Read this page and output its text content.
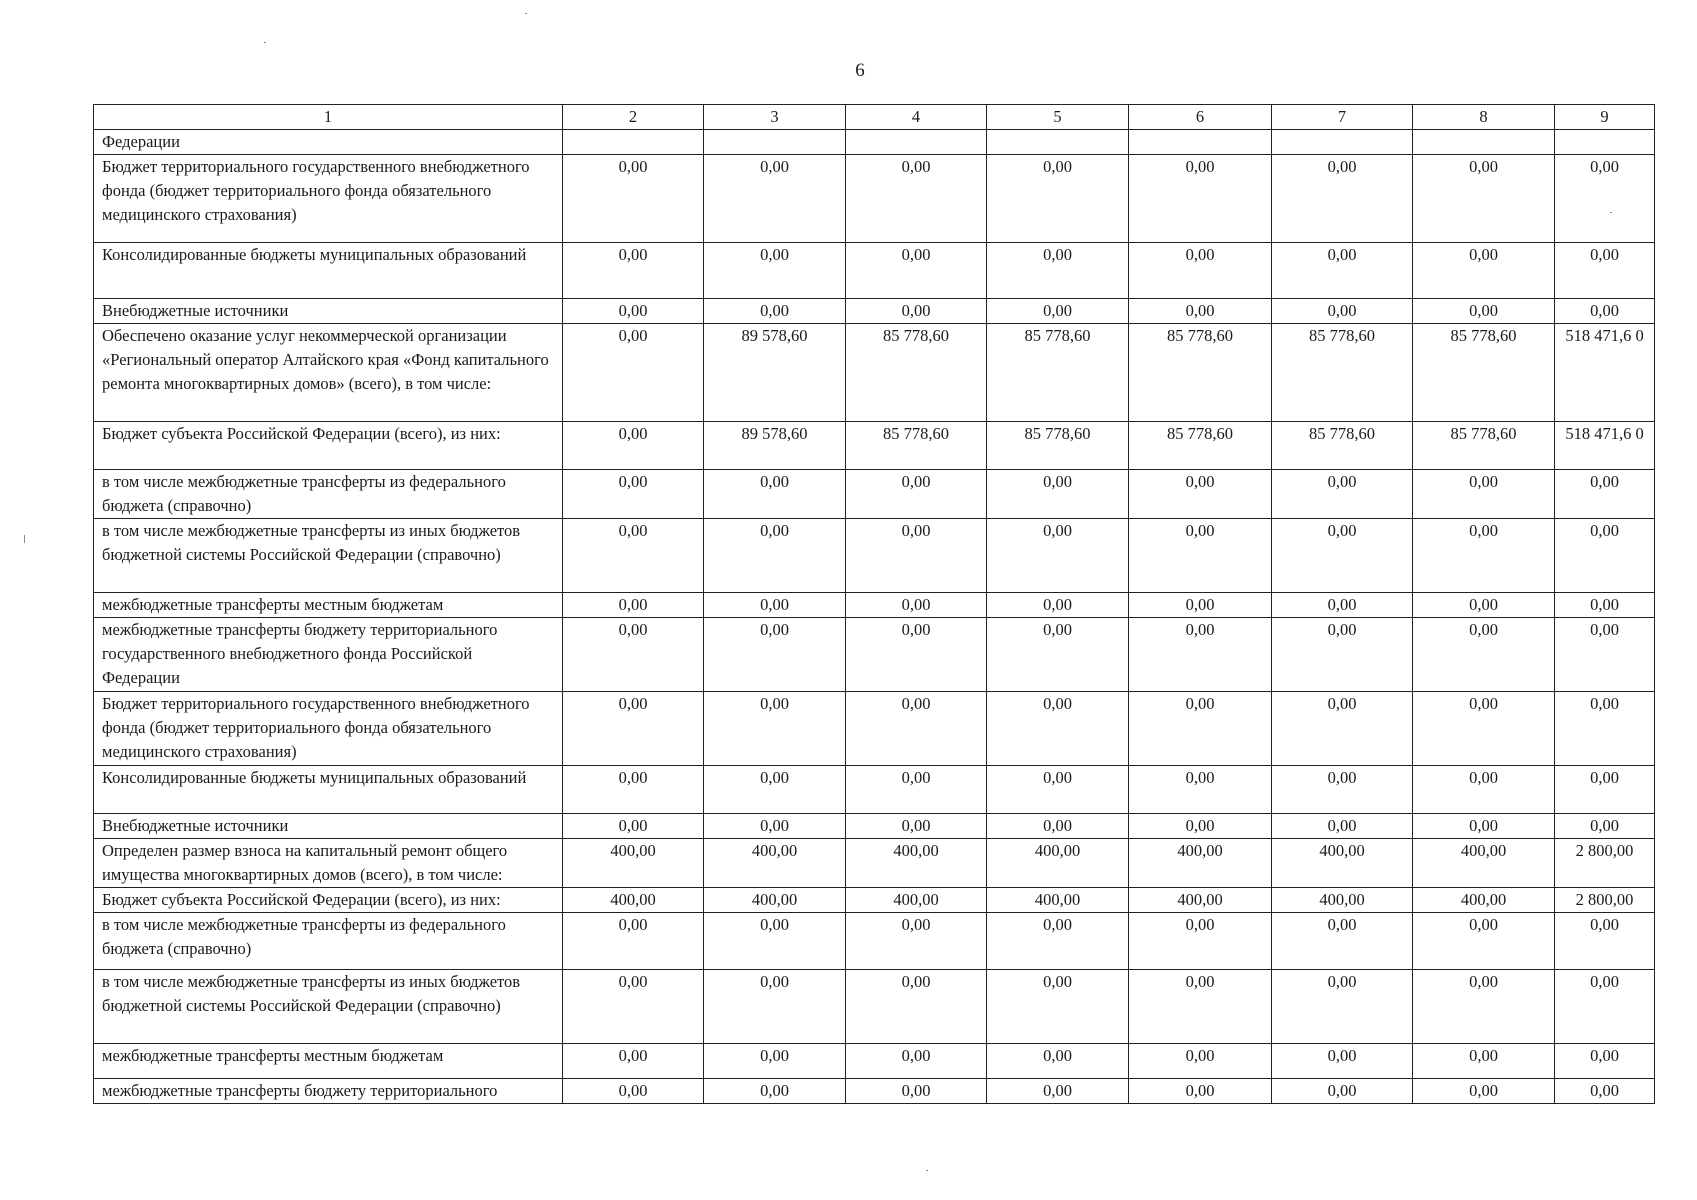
6
1	2	3	4	5	6	7	8	9
Федерации								
Бюджет территориального государственного внебюджетного фонда (бюджет территориального фонда обязательного медицинского страхования)	0,00	0,00	0,00	0,00	0,00	0,00	0,00	0,00
Консолидированные бюджеты муниципальных образований	0,00	0,00	0,00	0,00	0,00	0,00	0,00	0,00
Внебюджетные источники	0,00	0,00	0,00	0,00	0,00	0,00	0,00	0,00
Обеспечено оказание услуг некоммерческой организации «Региональный оператор Алтайского края «Фонд капитального ремонта многоквартирных домов» (всего), в том числе:	0,00	89 578,60	85 778,60	85 778,60	85 778,60	85 778,60	85 778,60	518 471,6 0
Бюджет субъекта Российской Федерации (всего), из них:	0,00	89 578,60	85 778,60	85 778,60	85 778,60	85 778,60	85 778,60	518 471,6 0
в том числе межбюджетные трансферты из федерального бюджета (справочно)	0,00	0,00	0,00	0,00	0,00	0,00	0,00	0,00
в том числе межбюджетные трансферты из иных бюджетов бюджетной системы Российской Федерации (справочно)	0,00	0,00	0,00	0,00	0,00	0,00	0,00	0,00
межбюджетные трансферты местным бюджетам	0,00	0,00	0,00	0,00	0,00	0,00	0,00	0,00
межбюджетные трансферты бюджету территориального государственного внебюджетного фонда Российской Федерации	0,00	0,00	0,00	0,00	0,00	0,00	0,00	0,00
Бюджет территориального государственного внебюджетного фонда (бюджет территориального фонда обязательного медицинского страхования)	0,00	0,00	0,00	0,00	0,00	0,00	0,00	0,00
Консолидированные бюджеты муниципальных образований	0,00	0,00	0,00	0,00	0,00	0,00	0,00	0,00
Внебюджетные источники	0,00	0,00	0,00	0,00	0,00	0,00	0,00	0,00
Определен размер взноса на капитальный ремонт общего имущества многоквартирных домов (всего), в том числе:	400,00	400,00	400,00	400,00	400,00	400,00	400,00	2 800,00
Бюджет субъекта Российской Федерации (всего), из них:	400,00	400,00	400,00	400,00	400,00	400,00	400,00	2 800,00
в том числе межбюджетные трансферты из федерального бюджета (справочно)	0,00	0,00	0,00	0,00	0,00	0,00	0,00	0,00
в том числе межбюджетные трансферты из иных бюджетов бюджетной системы Российской Федерации (справочно)	0,00	0,00	0,00	0,00	0,00	0,00	0,00	0,00
межбюджетные трансферты местным бюджетам	0,00	0,00	0,00	0,00	0,00	0,00	0,00	0,00
межбюджетные трансферты бюджету территориального	0,00	0,00	0,00	0,00	0,00	0,00	0,00	0,00
